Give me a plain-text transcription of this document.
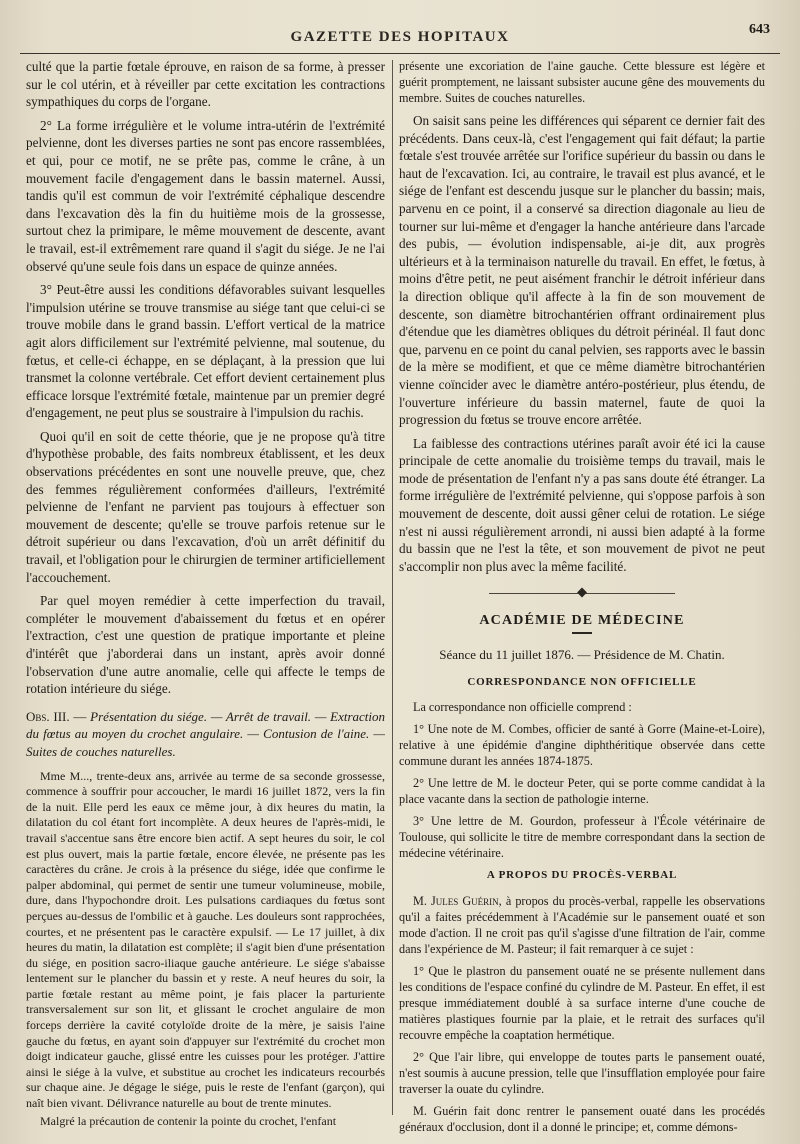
GAZETTE DES HOPITAUX	643

culté que la partie fœtale éprouve, en raison de sa forme, à presser sur le col utérin, et à réveiller par cette excitation les contractions sympathiques du corps de l'organe.

2° La forme irrégulière et le volume intra-utérin de l'extrémité pelvienne, dont les diverses parties ne sont pas encore rassemblées, et qui, pour ce motif, ne se prête pas, comme le crâne, à un mouvement facile d'engagement dans le bassin maternel. Aussi, tandis qu'il est commun de voir l'extrémité céphalique descendre dans l'excavation dès la fin du huitième mois de la grossesse, surtout chez la primipare, le même mouvement de descente, avant le travail, est-il extrêmement rare quand il s'agit du siége. Je ne l'ai observé qu'une seule fois dans un espace de quinze années.

3° Peut-être aussi les conditions défavorables suivant lesquelles l'impulsion utérine se trouve transmise au siége tant que celui-ci se trouve mobile dans le grand bassin. L'effort vertical de la matrice agit alors difficilement sur l'extrémité pelvienne, mal soutenue, du fœtus, et celle-ci échappe, en se déplaçant, à la pression que lui transmet la colonne vertébrale. Cet effort devient certainement plus efficace lorsque l'extrémité fœtale, maintenue par un premier degré d'engagement, ne peut plus se soustraire à l'impulsion du rachis.

Quoi qu'il en soit de cette théorie, que je ne propose qu'à titre d'hypothèse probable, des faits nombreux établissent, et les deux observations précédentes en sont une nouvelle preuve, que, chez des femmes régulièrement conformées d'ailleurs, l'extrémité pelvienne de l'enfant ne parvient pas toujours à effectuer son mouvement de descente; qu'elle se trouve parfois retenue sur le détroit supérieur ou dans l'excavation, d'où un arrêt définitif du travail, et l'obligation pour le chirurgien de terminer artificiellement l'accouchement.

Par quel moyen remédier à cette imperfection du travail, compléter le mouvement d'abaissement du fœtus et en opérer l'extraction, c'est une question de pratique importante et pleine d'intérêt que j'aborderai dans un instant, après avoir donné l'observation d'une autre anomalie, celle qui affecte le temps de rotation intérieure du siége.

Obs. III. — Présentation du siége. — Arrêt de travail. — Extraction du fœtus au moyen du crochet angulaire. — Contusion de l'aine. — Suites de couches naturelles.

Mme M..., trente-deux ans, arrivée au terme de sa seconde grossesse, commence à souffrir pour accoucher, le mardi 16 juillet 1872, vers la fin de la nuit. Elle perd les eaux ce même jour, à dix heures du matin, la dilatation du col étant fort incomplète. A deux heures de l'après-midi, le travail s'accentue sans être encore bien actif. A sept heures du soir, le col est plus ouvert, mais la partie fœtale, encore élevée, ne présente pas les caractères du crâne. Je crois à la présence du siége, idée que confirme le palper abdominal, qui permet de sentir une tumeur volumineuse, mobile, dure, dans l'hypochondre droit. Les pulsations cardiaques du fœtus sont perçues au-dessus de l'ombilic et à gauche. Les douleurs sont rapprochées, courtes, et ne présentent pas le caractère expulsif. — Le 17 juillet, à dix heures du matin, la dilatation est complète; il s'agit bien d'une présentation du siége, en position sacro-iliaque gauche antérieure. Le siége s'abaisse lentement sur le plancher du bassin et y reste. A neuf heures du soir, la partie fœtale restant au même point, je fais placer la parturiente transversalement sur son lit, et glissant le crochet angulaire de mon forceps derrière la cavité cotyloïde droite de la mère, je saisis l'aine gauche du fœtus, en ayant soin d'appuyer sur l'extrémité du crochet mon doigt indicateur gauche, glissé entre les cuisses pour les protéger. J'attire ainsi le siége à la vulve, et substitue au crochet les indicateurs recourbés sur chaque aine. Je dégage le siége, puis le reste de l'enfant (garçon), qui naît bien vivant. Délivrance naturelle au bout de trente minutes.

Malgré la précaution de contenir la pointe du crochet, l'enfant

présente une excoriation de l'aine gauche. Cette blessure est légère et guérit promptement, ne laissant subsister aucune gêne des mouvements du membre. Suites de couches naturelles.

On saisit sans peine les différences qui séparent ce dernier fait des précédents. Dans ceux-là, c'est l'engagement qui fait défaut; la partie fœtale s'est trouvée arrêtée sur l'orifice supérieur du bassin ou dans le haut de l'excavation. Ici, au contraire, le travail est plus avancé, et le siége de l'enfant est descendu jusque sur le plancher du bassin; mais, parvenu en ce point, il a conservé sa direction diagonale au lieu de tourner sur lui-même et d'engager la hanche antérieure dans l'arcade des pubis, — évolution indispensable, ai-je dit, aux progrès ultérieurs et à la terminaison naturelle du travail. En effet, le fœtus, à moins d'être petit, ne peut aisément franchir le détroit inférieur dans la direction oblique qu'il affecte à la fin de son mouvement de descente, son diamètre bitrochantérien offrant ordinairement plus d'étendue que les diamètres obliques du détroit périnéal. Il faut donc que, parvenu en ce point du canal pelvien, ses rapports avec le bassin de la mère se modifient, et que ce même diamètre bitrochantérien vienne coïncider avec le diamètre antéro-postérieur, plus étendu, de l'ouverture inférieure du bassin maternel, faute de quoi la progression du fœtus se trouve encore arrêtée.

La faiblesse des contractions utérines paraît avoir été ici la cause principale de cette anomalie du troisième temps du travail, mais le mode de présentation de l'enfant n'y a pas sans doute été étranger. La forme irrégulière de l'extrémité pelvienne, qui s'oppose parfois à son mouvement de descente, doit aussi gêner celui de rotation. Le siége n'est ni aussi régulièrement arrondi, ni aussi bien adapté à la forme du bassin que ne l'est la tête, et son mouvement de pivot ne peut s'accomplir non plus avec la même facilité.

ACADÉMIE DE MÉDECINE
Séance du 11 juillet 1876. — Présidence de M. Chatin.
CORRESPONDANCE NON OFFICIELLE

La correspondance non officielle comprend :

1° Une note de M. Combes, officier de santé à Gorre (Maine-et-Loire), relative à une épidémie d'angine diphthéritique observée dans cette commune durant les années 1874-1875.

2° Une lettre de M. le docteur Peter, qui se porte comme candidat à la place vacante dans la section de pathologie interne.

3° Une lettre de M. Gourdon, professeur à l'École vétérinaire de Toulouse, qui sollicite le titre de membre correspondant dans la section de médecine vétérinaire.

A PROPOS DU PROCÈS-VERBAL

M. Jules Guérin, à propos du procès-verbal, rappelle les observations qu'il a faites précédemment à l'Académie sur le pansement ouaté et son mode d'action. Il ne croit pas qu'il s'agisse d'une filtration de l'air, comme dans l'expérience de M. Pasteur; il fait remarquer à ce sujet :

1° Que le plastron du pansement ouaté ne se présente nullement dans les conditions de l'espace confiné du cylindre de M. Pasteur. En effet, il est presque immédiatement doublé à sa surface interne d'une couche de matières plastiques fournie par la plaie, et le retrait des surfaces qu'il recouvre empêche la coaptation hermétique.

2° Que l'air libre, qui enveloppe de toutes parts le pansement ouaté, n'est soumis à aucune pression, telle que l'insufflation employée pour faire traverser la ouate du cylindre.

M. Guérin fait donc rentrer le pansement ouaté dans les procédés généraux d'occlusion, dont il a donné le principe; et, comme démons-
